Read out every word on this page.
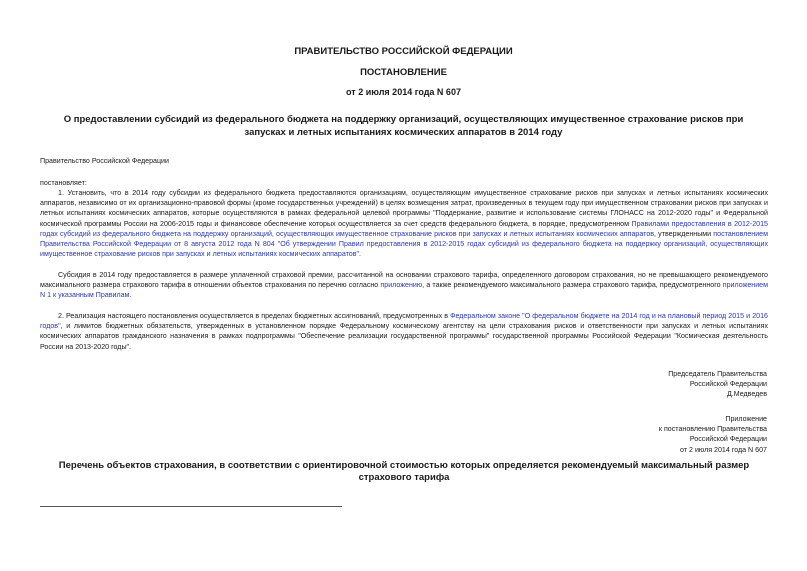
ПРАВИТЕЛЬСТВО РОССИЙСКОЙ ФЕДЕРАЦИИ
ПОСТАНОВЛЕНИЕ
от 2 июля 2014 года N 607
О предоставлении субсидий из федерального бюджета на поддержку организаций, осуществляющих имущественное страхование рисков при запусках и летных испытаниях космических аппаратов в 2014 году
Правительство Российской Федерации
постановляет:
1. Установить, что в 2014 году субсидии из федерального бюджета предоставляются организациям, осуществляющим имущественное страхование рисков при запусках и летных испытаниях космических аппаратов, независимо от их организационно-правовой формы (кроме государственных учреждений) в целях возмещения затрат, произведенных в текущем году при имущественном страховании рисков при запусках и летных испытаниях космических аппаратов, которые осуществляются в рамках федеральной целевой программы "Поддержание, развитие и использование системы ГЛОНАСС на 2012-2020 годы" и Федеральной космической программы России на 2006-2015 годы и финансовое обеспечение которых осуществляется за счет средств федерального бюджета, в порядке, предусмотренном Правилами предоставления в 2012-2015 годах субсидий из федерального бюджета на поддержку организаций, осуществляющих имущественное страхование рисков при запусках и летных испытаниях космических аппаратов, утвержденными постановлением Правительства Российской Федерации от 8 августа 2012 года N 804 "Об утверждении Правил предоставления в 2012-2015 годах субсидий из федерального бюджета на поддержку организаций, осуществляющих имущественное страхование рисков при запусках и летных испытаниях космических аппаратов".
Субсидия в 2014 году предоставляется в размере уплаченной страховой премии, рассчитанной на основании страхового тарифа, определенного договором страхования, но не превышающего рекомендуемого максимального размера страхового тарифа в отношении объектов страхования по перечню согласно приложению, а также рекомендуемого максимального размера страхового тарифа, предусмотренного приложением N 1 к указанным Правилам.
2. Реализация настоящего постановления осуществляется в пределах бюджетных ассигнований, предусмотренных в Федеральном законе "О федеральном бюджете на 2014 год и на плановый период 2015 и 2016 годов", и лимитов бюджетных обязательств, утвержденных в установленном порядке Федеральному космическому агентству на цели страхования рисков и ответственности при запусках и летных испытаниях космических аппаратов гражданского назначения в рамках подпрограммы "Обеспечение реализации государственной программы" государственной программы Российской Федерации "Космическая деятельность России на 2013-2020 годы".
Председатель Правительства
Российской Федерации
Д.Медведев
Приложение
к постановлению Правительства
Российской Федерации
от 2 июля 2014 года N 607
Перечень объектов страхования, в соответствии с ориентировочной стоимостью которых определяется рекомендуемый максимальный размер страхового тарифа
